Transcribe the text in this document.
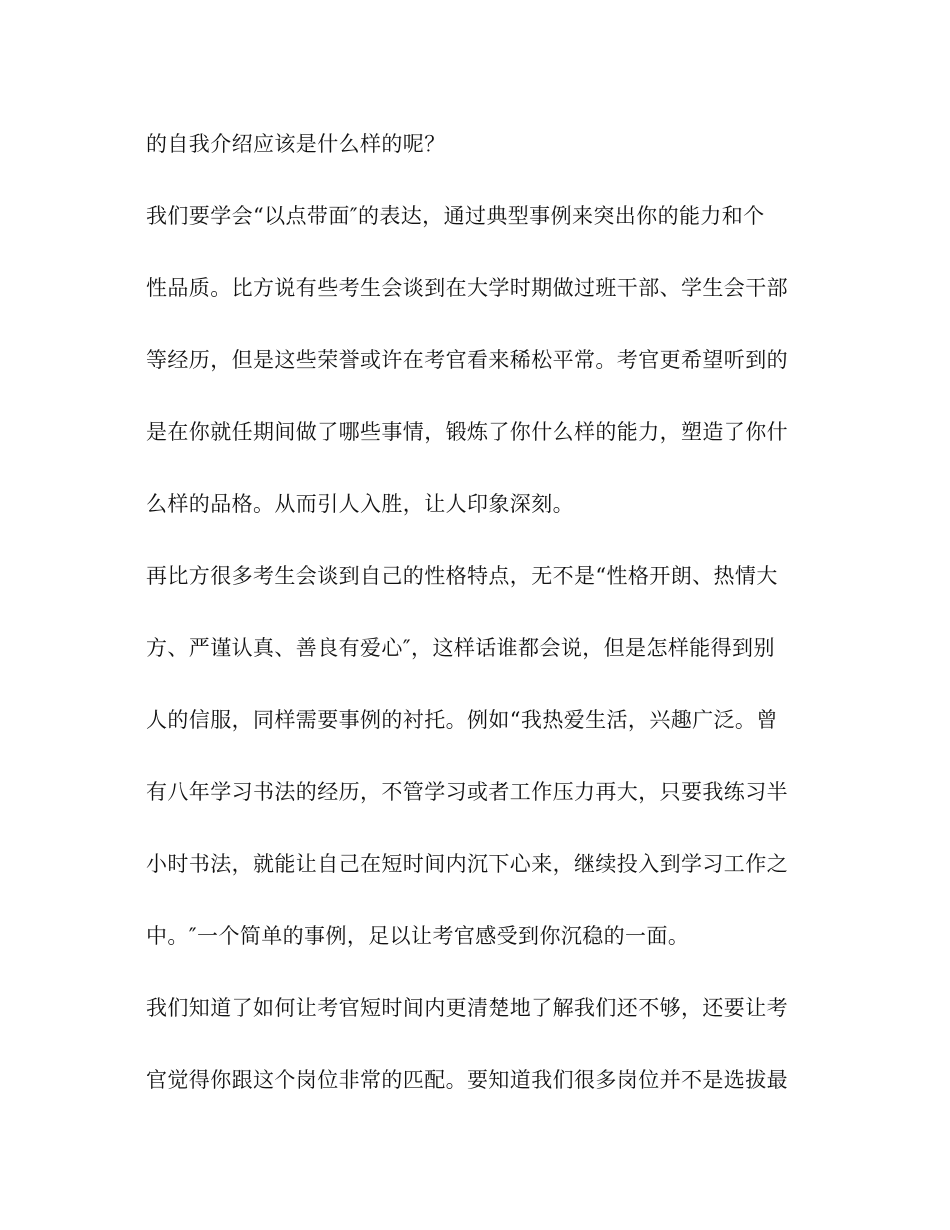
的自我介绍应该是什么样的呢？
我们要学会“以点带面″的表达，通过典型事例来突出你的能力和个
性品质。比方说有些考生会谈到在大学时期做过班干部、学生会干部
等经历，但是这些荣誉或许在考官看来稀松平常。考官更希望听到的
是在你就任期间做了哪些事情，锻炼了你什么样的能力，塑造了你什
么样的品格。从而引人入胜，让人印象深刻。
再比方很多考生会谈到自己的性格特点，无不是“性格开朗、热情大
方、严谨认真、善良有爱心″，这样话谁都会说，但是怎样能得到别
人的信服，同样需要事例的衬托。例如“我热爱生活，兴趣广泛。曾
有八年学习书法的经历，不管学习或者工作压力再大，只要我练习半
小时书法，就能让自己在短时间内沉下心来，继续投入到学习工作之
中。″一个简单的事例，足以让考官感受到你沉稳的一面。
我们知道了如何让考官短时间内更清楚地了解我们还不够，还要让考
官觉得你跟这个岗位非常的匹配。要知道我们很多岗位并不是选拔最
